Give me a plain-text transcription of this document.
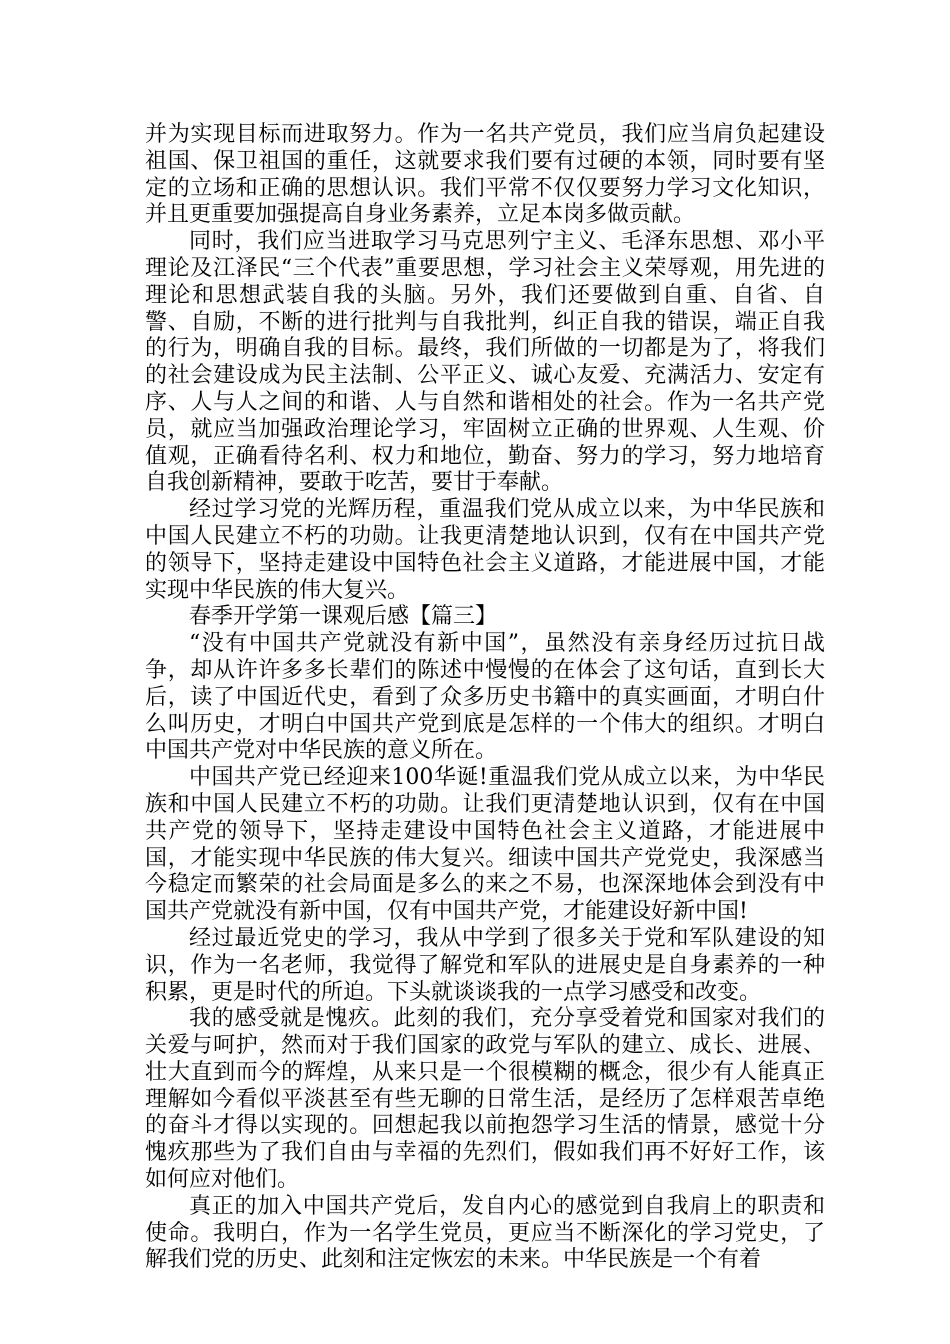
并为实现目标而进取努力。作为一名共产党员，我们应当肩负起建设祖国、保卫祖国的重任，这就要求我们要有过硬的本领，同时要有坚定的立场和正确的思想认识。我们平常不仅仅要努力学习文化知识，并且更重要加强提高自身业务素养，立足本岗多做贡献。

同时，我们应当进取学习马克思列宁主义、毛泽东思想、邓小平理论及江泽民“三个代表”重要思想，学习社会主义荣辱观，用先进的理论和思想武装自我的头脑。另外，我们还要做到自重、自省、自警、自励，不断的进行批判与自我批判，纠正自我的错误，端正自我的行为，明确自我的目标。最终，我们所做的一切都是为了，将我们的社会建设成为民主法制、公平正义、诚心友爱、充满活力、安定有序、人与人之间的和谐、人与自然和谐相处的社会。作为一名共产党员，就应当加强政治理论学习，牢固树立正确的世界观、人生观、价值观，正确看待名利、权力和地位，勤奋、努力的学习，努力地培育自我创新精神，要敢于吃苦，要甘于奉献。

经过学习党的光辉历程，重温我们党从成立以来，为中华民族和中国人民建立不朽的功勋。让我更清楚地认识到，仅有在中国共产党的领导下，坚持走建设中国特色社会主义道路，才能进展中国，才能实现中华民族的伟大复兴。

春季开学第一课观后感【篇三】

“没有中国共产党就没有新中国”，虽然没有亲身经历过抗日战争，却从许许多多长辈们的陈述中慢慢的在体会了这句话，直到长大后，读了中国近代史，看到了众多历史书籍中的真实画面，才明白什么叫历史，才明白中国共产党到底是怎样的一个伟大的组织。才明白中国共产党对中华民族的意义所在。

中国共产党已经迎来100华诞!重温我们党从成立以来，为中华民族和中国人民建立不朽的功勋。让我们更清楚地认识到，仅有在中国共产党的领导下，坚持走建设中国特色社会主义道路，才能进展中国，才能实现中华民族的伟大复兴。细读中国共产党党史，我深感当今稳定而繁荣的社会局面是多么的来之不易，也深深地体会到没有中国共产党就没有新中国，仅有中国共产党，才能建设好新中国!

经过最近党史的学习，我从中学到了很多关于党和军队建设的知识，作为一名老师，我觉得了解党和军队的进展史是自身素养的一种积累，更是时代的所迫。下头就谈谈我的一点学习感受和改变。

我的感受就是愧疚。此刻的我们，充分享受着党和国家对我们的关爱与呵护，然而对于我们国家的政党与军队的建立、成长、进展、壮大直到而今的辉煌，从来只是一个很模糊的概念，很少有人能真正理解如今看似平淡甚至有些无聊的日常生活，是经历了怎样艰苦卓绝的奋斗才得以实现的。回想起我以前抱怨学习生活的情景，感觉十分愧疚那些为了我们自由与幸福的先烈们，假如我们再不好好工作，该如何应对他们。

真正的加入中国共产党后，发自内心的感觉到自我肩上的职责和使命。我明白，作为一名学生党员，更应当不断深化的学习党史，了解我们党的历史、此刻和注定恢宏的未来。中华民族是一个有着
